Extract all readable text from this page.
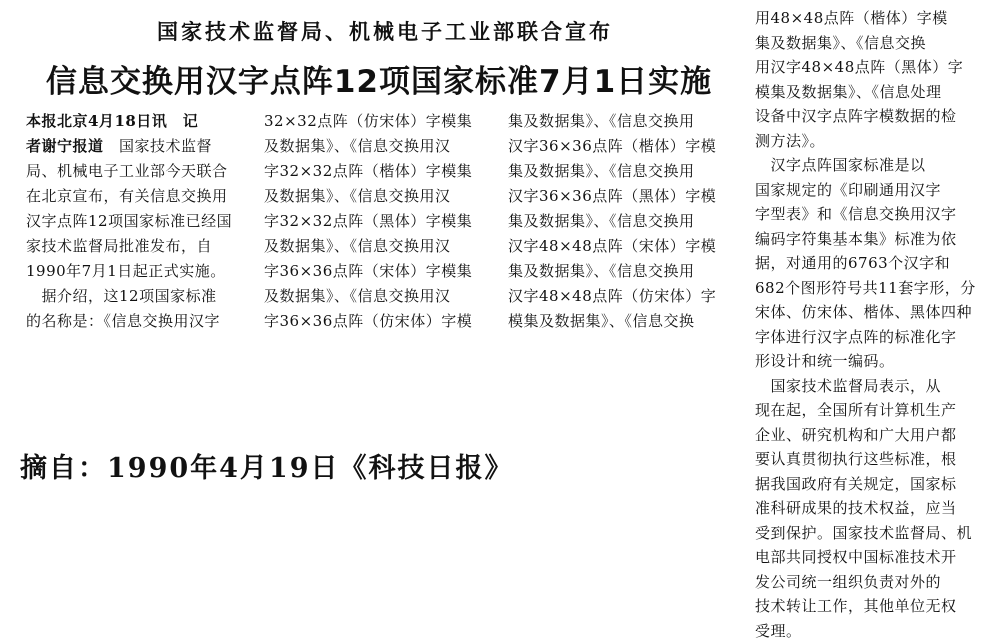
国家技术监督局、机械电子工业部联合宣布
信息交换用汉字点阵12项国家标准7月1日实施

本报北京4月18日讯　记

者谢宁报道　国家技术监督

局、机械电子工业部今天联合

在北京宣布，有关信息交换用

汉字点阵12项国家标准已经国

家技术监督局批准发布，自

1990年7月1日起正式实施。

　据介绍，这12项国家标准

的名称是：《信息交换用汉字

32×32点阵（仿宋体）字模集

及数据集》、《信息交换用汉

字32×32点阵（楷体）字模集

及数据集》、《信息交换用汉

字32×32点阵（黑体）字模集

及数据集》、《信息交换用汉

字36×36点阵（宋体）字模集

及数据集》、《信息交换用汉

字36×36点阵（仿宋体）字模

集及数据集》、《信息交换用

汉字36×36点阵（楷体）字模

集及数据集》、《信息交换用

汉字36×36点阵（黑体）字模

集及数据集》、《信息交换用

汉字48×48点阵（宋体）字模

集及数据集》、《信息交换用

汉字48×48点阵（仿宋体）字

模集及数据集》、《信息交换

用48×48点阵（楷体）字模

集及数据集》、《信息交换

用汉字48×48点阵（黑体）字

模集及数据集》、《信息处理

设备中汉字点阵字模数据的检

测方法》。

　汉字点阵国家标准是以

国家规定的《印刷通用汉字

字型表》和《信息交换用汉字

编码字符集基本集》标准为依

据，对通用的6763个汉字和

682个图形符号共11套字形，分

宋体、仿宋体、楷体、黑体四种

字体进行汉字点阵的标准化字

形设计和统一编码。

　国家技术监督局表示，从

现在起，全国所有计算机生产

企业、研究机构和广大用户都

要认真贯彻执行这些标准，根

据我国政府有关规定，国家标

准科研成果的技术权益，应当

受到保护。国家技术监督局、机

电部共同授权中国标准技术开

发公司统一组织负责对外的

技术转让工作，其他单位无权

受理。

摘自：1990年4月19日《科技日报》
